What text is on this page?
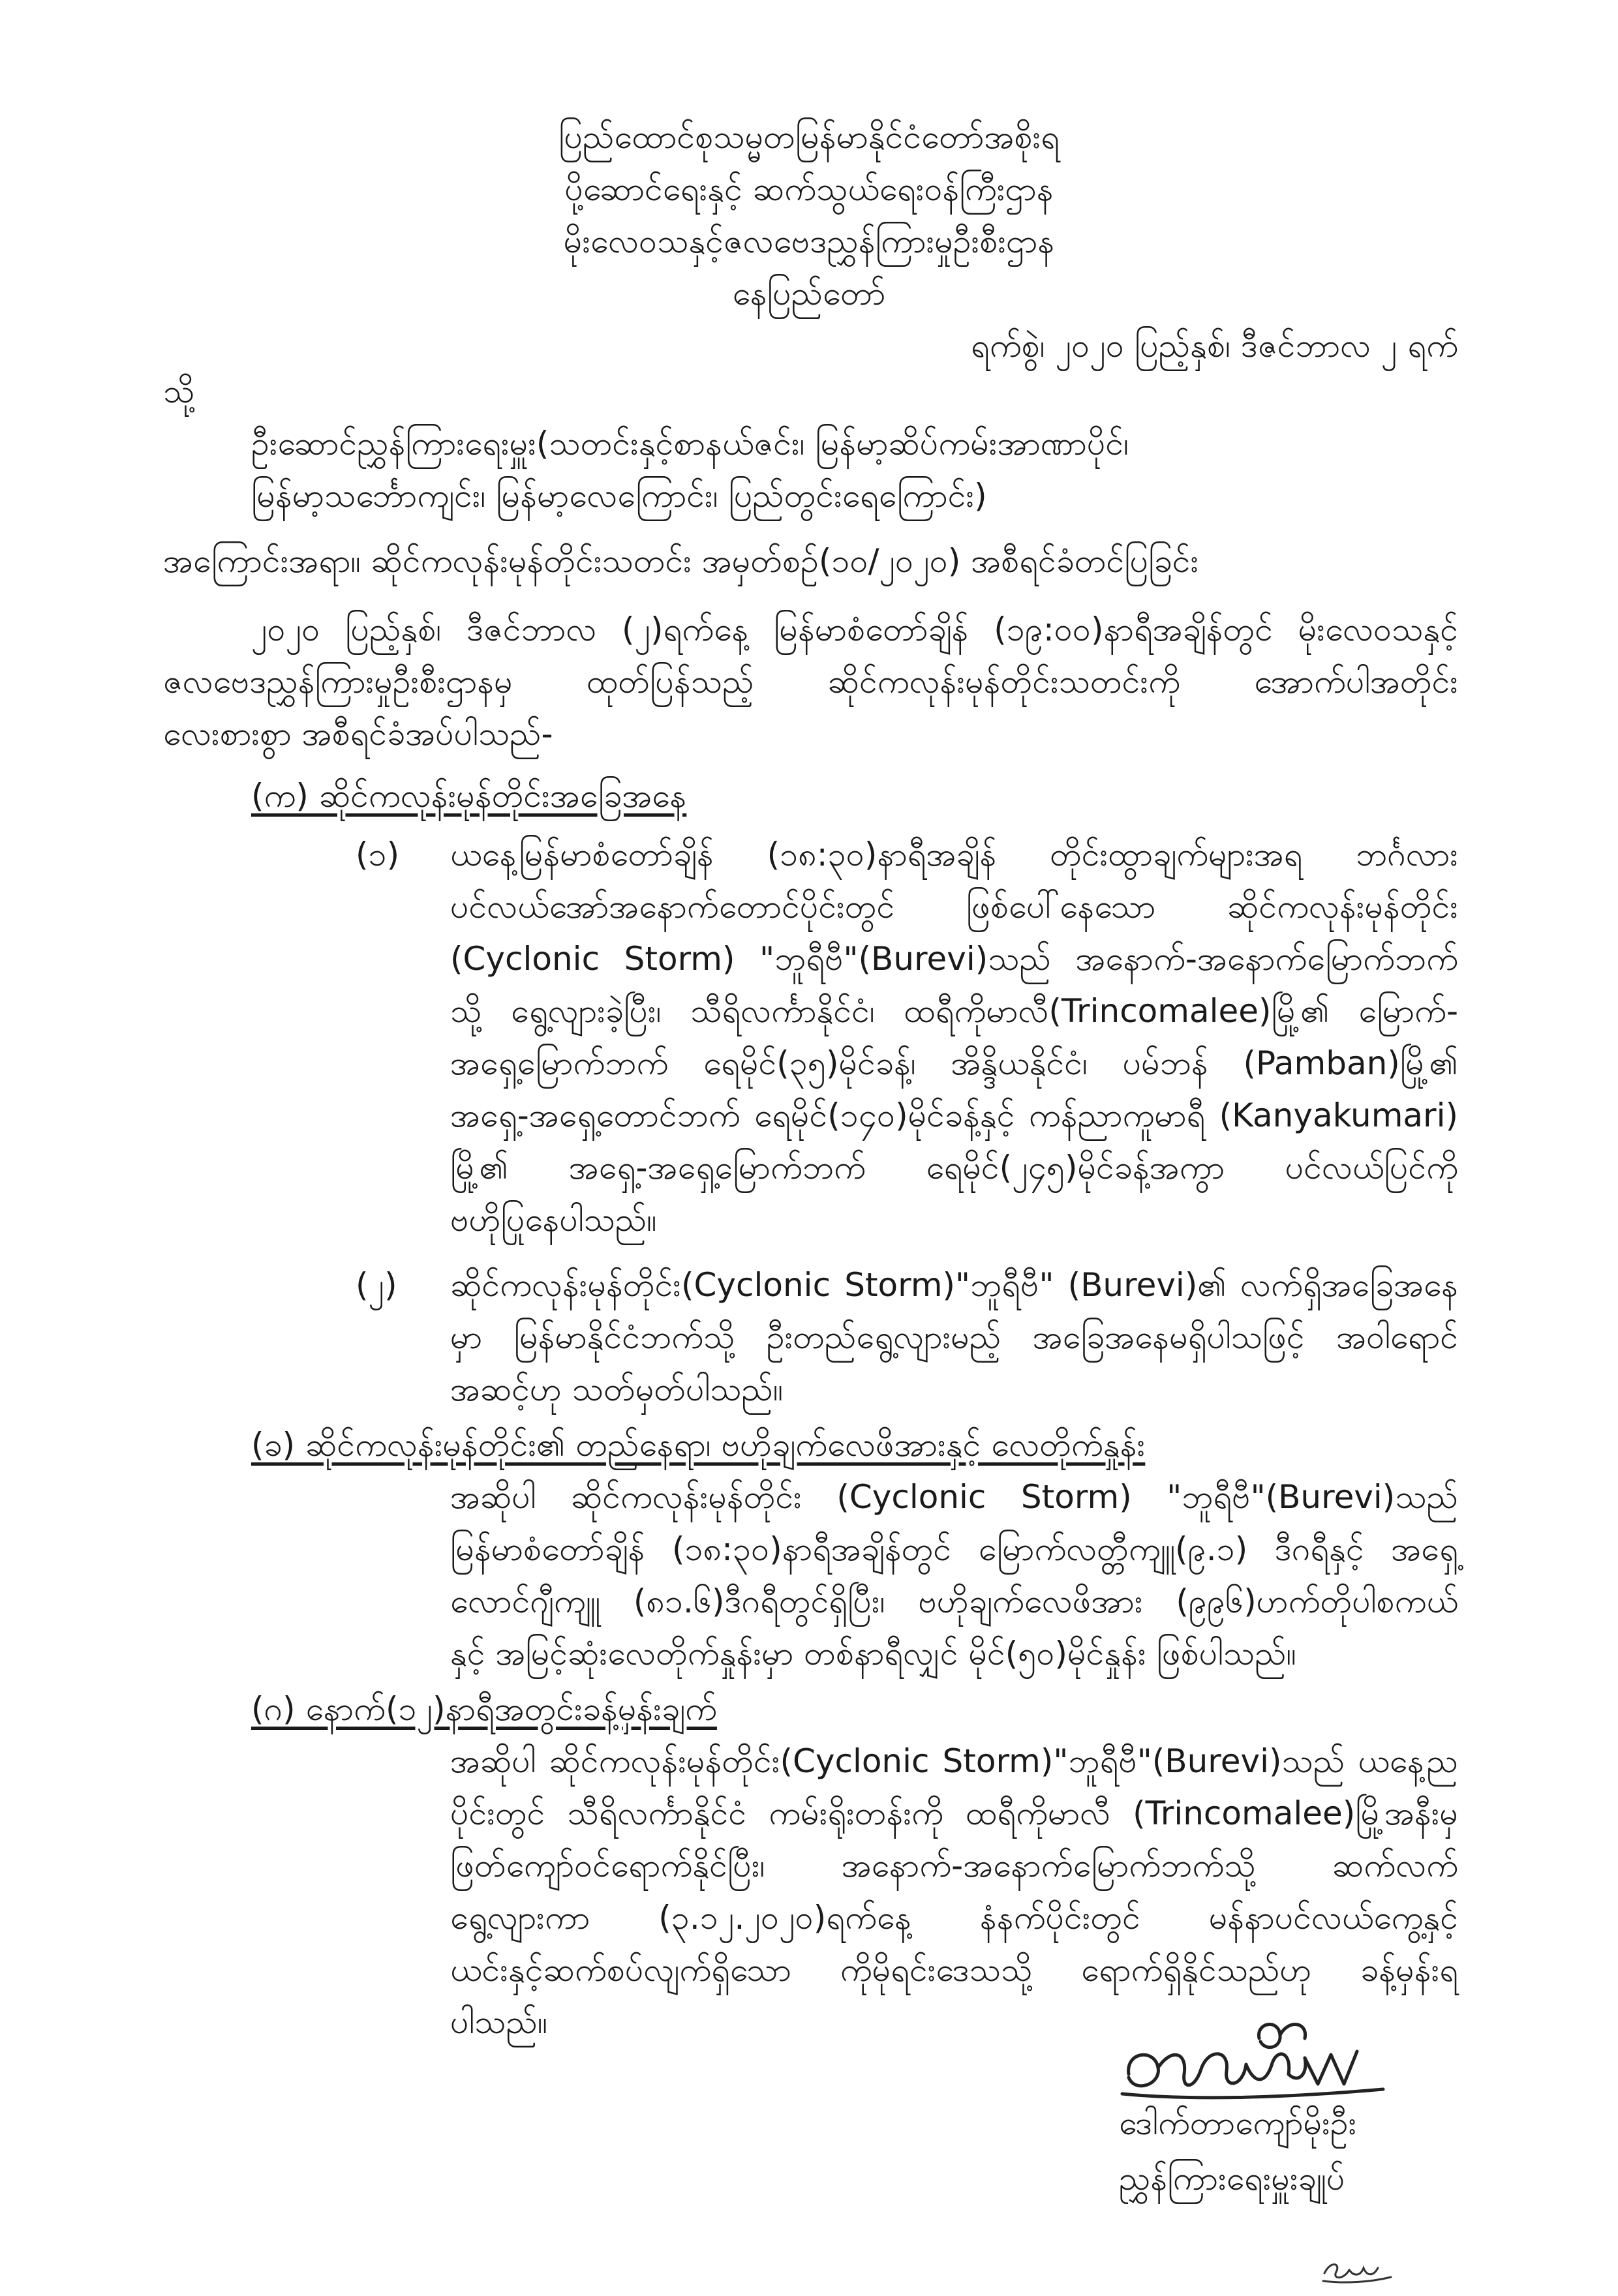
ပြည်ထောင်စုသမ္မတမြန်မာနိုင်ငံတော်အစိုးရ
ပို့ဆောင်ရေးနှင့် ဆက်သွယ်ရေးဝန်ကြီးဌာန
မိုးလေဝသနှင့်ဇလဗေဒညွှန်ကြားမှုဦးစီးဌာန
နေပြည်တော်
ရက်စွဲ၊ ၂၀၂၀ ပြည့်နှစ်၊ ဒီဇင်ဘာလ ၂ ရက်
သို့
ဦးဆောင်ညွှန်ကြားရေးမှူး(သတင်းနှင့်စာနယ်ဇင်း၊ မြန်မာ့ဆိပ်ကမ်းအာဏာပိုင်၊
မြန်မာ့သင်္ဘောကျင်း၊ မြန်မာ့လေကြောင်း၊ ပြည်တွင်းရေကြောင်း)
အကြောင်းအရာ။ ဆိုင်ကလုန်းမုန်တိုင်းသတင်း အမှတ်စဉ်(၁၀/၂၀၂၀) အစီရင်ခံတင်ပြခြင်း
၂၀၂၀ ပြည့်နှစ်၊ ဒီဇင်ဘာလ (၂)ရက်နေ့ မြန်မာစံတော်ချိန် (၁၉:၀၀)နာရီအချိန်တွင် မိုးလေဝသနှင့်
ဇလဗေဒညွှန်ကြားမှုဦးစီးဌာနမှ ထုတ်ပြန်သည့် ဆိုင်ကလုန်းမုန်တိုင်းသတင်းကို အောက်ပါအတိုင်း
လေးစားစွာ အစီရင်ခံအပ်ပါသည်-
(က) ဆိုင်ကလုန်းမုန်တိုင်းအခြေအနေ
(၁) ယနေ့မြန်မာစံတော်ချိန် (၁၈:၃၀)နာရီအချိန် တိုင်းထွာချက်များအရ ဘင်္ဂလား
ပင်လယ်အော်အနောက်တောင်ပိုင်းတွင် ဖြစ်ပေါ်နေသော ဆိုင်ကလုန်းမုန်တိုင်း
(Cyclonic Storm) "ဘူရီဗီ"(Burevi)သည် အနောက်-အနောက်မြောက်ဘက်
သို့ ရွေ့လျားခဲ့ပြီး၊ သီရိလင်္ကာနိုင်ငံ၊ ထရီကိုမာလီ(Trincomalee)မြို့၏ မြောက်-
အရှေ့မြောက်ဘက် ရေမိုင်(၃၅)မိုင်ခန့်၊ အိန္ဒိယနိုင်ငံ၊ ပမ်ဘန် (Pamban)မြို့၏
အရှေ့-အရှေ့တောင်ဘက် ရေမိုင်(၁၄၀)မိုင်ခန့်နှင့် ကန်ညာကူမာရီ (Kanyakumari)
မြို့၏ အရှေ့-အရှေ့မြောက်ဘက် ရေမိုင်(၂၄၅)မိုင်ခန့်အကွာ ပင်လယ်ပြင်ကို
ဗဟိုပြုနေပါသည်။
(၂) ဆိုင်ကလုန်းမုန်တိုင်း(Cyclonic Storm)"ဘူရီဗီ" (Burevi)၏ လက်ရှိအခြေအနေ
မှာ မြန်မာနိုင်ငံဘက်သို့ ဦးတည်ရွေ့လျားမည့် အခြေအနေမရှိပါသဖြင့် အဝါရောင်
အဆင့်ဟု သတ်မှတ်ပါသည်။
(ခ) ဆိုင်ကလုန်းမုန်တိုင်း၏ တည်နေရာ၊ ဗဟိုချက်လေဖိအားနှင့် လေတိုက်နှုန်း
အဆိုပါ ဆိုင်ကလုန်းမုန်တိုင်း (Cyclonic Storm) "ဘူရီဗီ"(Burevi)သည်
မြန်မာစံတော်ချိန် (၁၈:၃၀)နာရီအချိန်တွင် မြောက်လတ္တီကျူ(၉.၁) ဒီဂရီနှင့် အရှေ့
လောင်ဂျီကျူ (၈၁.၆)ဒီဂရီတွင်ရှိပြီး၊ ဗဟိုချက်လေဖိအား (၉၉၆)ဟက်တိုပါစကယ်
နှင့် အမြင့်ဆုံးလေတိုက်နှုန်းမှာ တစ်နာရီလျှင် မိုင်(၅၀)မိုင်နှုန်း ဖြစ်ပါသည်။
(ဂ) နောက်(၁၂)နာရီအတွင်းခန့်မှန်းချက်
အဆိုပါ ဆိုင်ကလုန်းမုန်တိုင်း(Cyclonic Storm)"ဘူရီဗီ"(Burevi)သည် ယနေ့ည
ပိုင်းတွင် သီရိလင်္ကာနိုင်ငံ ကမ်းရိုးတန်းကို ထရီကိုမာလီ (Trincomalee)မြို့အနီးမှ
ဖြတ်ကျော်ဝင်ရောက်နိုင်ပြီး၊ အနောက်-အနောက်မြောက်ဘက်သို့ ဆက်လက်
ရွေ့လျားကာ (၃.၁၂.၂၀၂၀)ရက်နေ့ နံနက်ပိုင်းတွင် မန်နာပင်လယ်ကွေ့နှင့်
ယင်းနှင့်ဆက်စပ်လျက်ရှိသော ကိုမိုရင်းဒေသသို့ ရောက်ရှိနိုင်သည်ဟု ခန့်မှန်းရ
ပါသည်။
ဒေါက်တာကျော်မိုးဦး
ညွှန်ကြားရေးမှူးချုပ်
